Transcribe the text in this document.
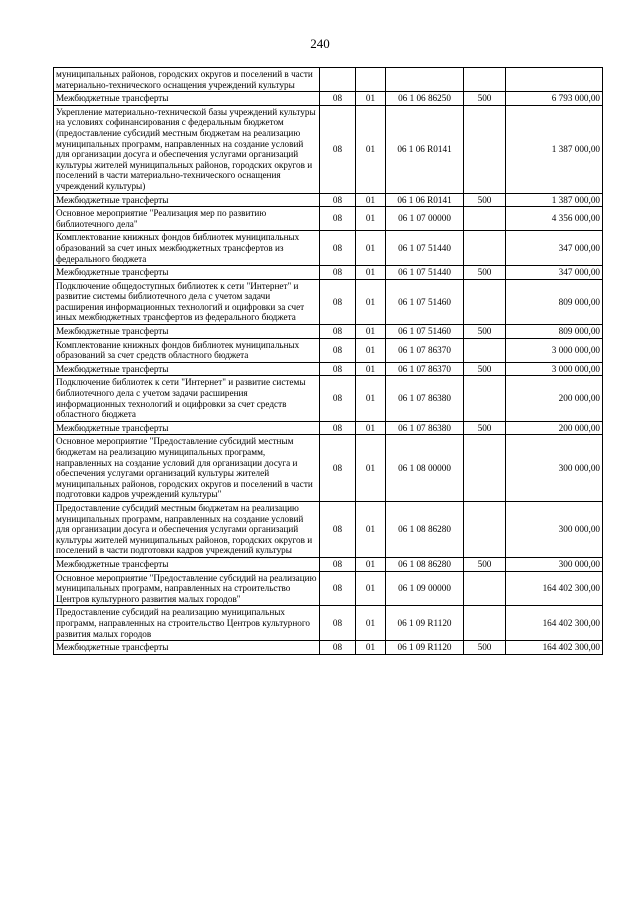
240
муниципальных районов, городских округов и поселений в части материально-технического оснащения учреждений культуры					
Межбюджетные трансферты	08	01	06 1 06 86250	500	6 793 000,00
Укрепление материально-технической базы учреждений культуры на условиях софинансирования с федеральным бюджетом (предоставление субсидий местным бюджетам на реализацию муниципальных программ, направленных на создание условий для организации досуга и обеспечения услугами организаций культуры жителей муниципальных районов, городских округов и поселений в части материально-технического оснащения учреждений культуры)	08	01	06 1 06 R0141		1 387 000,00
Межбюджетные трансферты	08	01	06 1 06 R0141	500	1 387 000,00
Основное мероприятие "Реализация мер по развитию библиотечного дела"	08	01	06 1 07 00000		4 356 000,00
Комплектование книжных фондов библиотек муниципальных образований за счет иных межбюджетных трансфертов из федерального бюджета	08	01	06 1 07 51440		347 000,00
Межбюджетные трансферты	08	01	06 1 07 51440	500	347 000,00
Подключение общедоступных библиотек к сети "Интернет" и развитие системы библиотечного дела с учетом задачи расширения информационных технологий и оцифровки за счет иных межбюджетных трансфертов из федерального бюджета	08	01	06 1 07 51460		809 000,00
Межбюджетные трансферты	08	01	06 1 07 51460	500	809 000,00
Комплектование книжных фондов библиотек муниципальных образований за счет средств областного бюджета	08	01	06 1 07 86370		3 000 000,00
Межбюджетные трансферты	08	01	06 1 07 86370	500	3 000 000,00
Подключение библиотек к сети "Интернет" и развитие системы библиотечного дела с учетом задачи расширения информационных технологий и оцифровки за счет средств областного бюджета	08	01	06 1 07 86380		200 000,00
Межбюджетные трансферты	08	01	06 1 07 86380	500	200 000,00
Основное мероприятие "Предоставление субсидий местным бюджетам на реализацию муниципальных программ, направленных на создание условий для организации досуга и обеспечения услугами организаций культуры жителей муниципальных районов, городских округов и поселений в части подготовки кадров учреждений культуры"	08	01	06 1 08 00000		300 000,00
Предоставление субсидий местным бюджетам на реализацию муниципальных программ, направленных на создание условий для организации досуга и обеспечения услугами организаций культуры жителей муниципальных районов, городских округов и поселений в части подготовки кадров учреждений культуры	08	01	06 1 08 86280		300 000,00
Межбюджетные трансферты	08	01	06 1 08 86280	500	300 000,00
Основное мероприятие "Предоставление субсидий на реализацию муниципальных программ, направленных на строительство Центров культурного развития малых городов"	08	01	06 1 09 00000		164 402 300,00
Предоставление субсидий на реализацию муниципальных программ, направленных на строительство Центров культурного развития малых городов	08	01	06 1 09 R1120		164 402 300,00
Межбюджетные трансферты	08	01	06 1 09 R1120	500	164 402 300,00
